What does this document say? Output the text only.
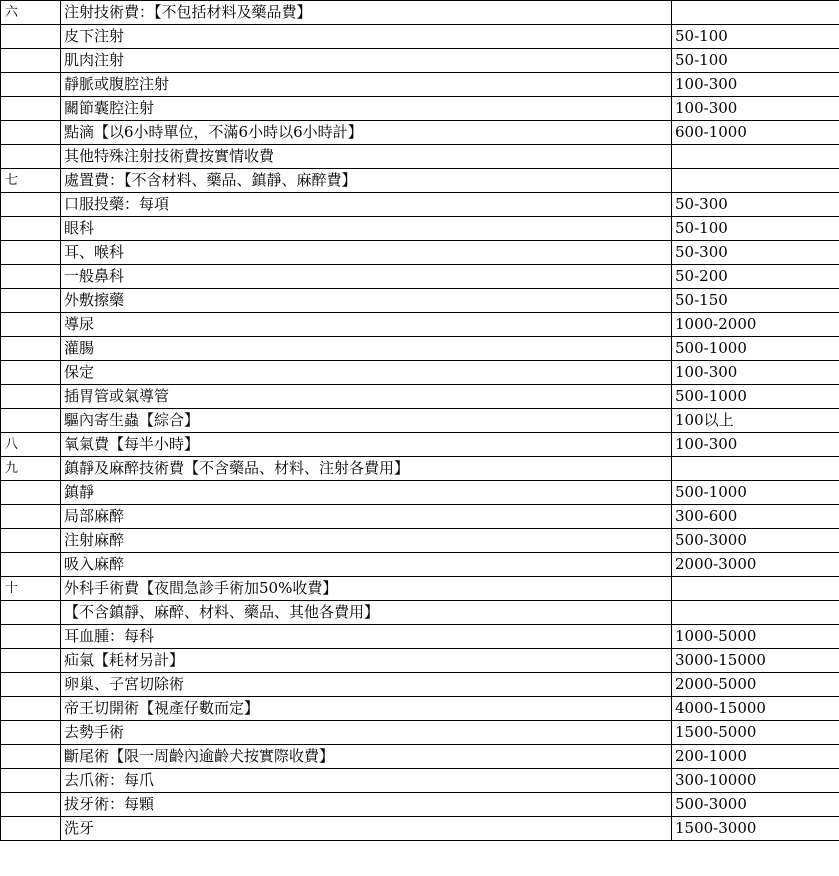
六	注射技術費：【不包括材料及藥品費】	
	皮下注射	50-100
	肌肉注射	50-100
	靜脈或腹腔注射	100-300
	關節囊腔注射	100-300
	點滴【以6小時單位，不滿6小時以6小時計】	600-1000
	其他特殊注射技術費按實情收費	
七	處置費：【不含材料、藥品、鎮靜、麻醉費】	
	口服投藥：每項	50-300
	眼科	50-100
	耳、喉科	50-300
	一般鼻科	50-200
	外敷擦藥	50-150
	導尿	1000-2000
	灌腸	500-1000
	保定	100-300
	插胃管或氣導管	500-1000
	驅內寄生蟲【綜合】	100以上
八	氧氣費【每半小時】	100-300
九	鎮靜及麻醉技術費【不含藥品、材料、注射各費用】	
	鎮靜	500-1000
	局部麻醉	300-600
	注射麻醉	500-3000
	吸入麻醉	2000-3000
十	外科手術費【夜間急診手術加50%收費】	
	【不含鎮靜、麻醉、材料、藥品、其他各費用】	
	耳血腫：每科	1000-5000
	疝氣【耗材另計】	3000-15000
	卵巢、子宮切除術	2000-5000
	帝王切開術【視產仔數而定】	4000-15000
	去勢手術	1500-5000
	斷尾術【限一周齡內逾齡犬按實際收費】	200-1000
	去爪術：每爪	300-10000
	拔牙術：每顆	500-3000
	洗牙	1500-3000
